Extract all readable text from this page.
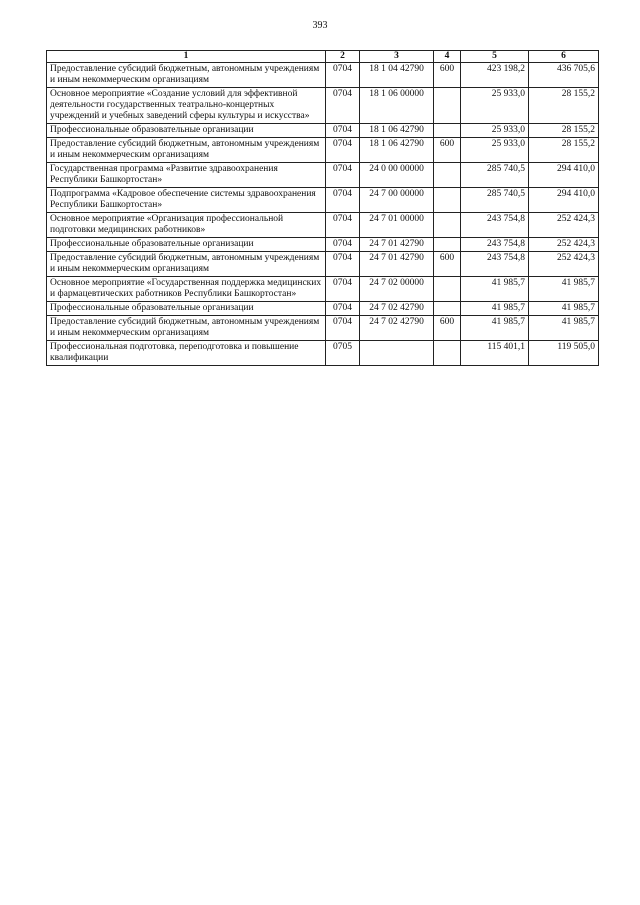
393
1	2	3	4	5	6
Предоставление субсидий бюджетным, автономным учреждениям и иным некоммерческим организациям	0704	18 1 04 42790	600	423 198,2	436 705,6
Основное мероприятие «Создание условий для эффективной деятельности государственных театрально-концертных учреждений и учебных заведений сферы культуры и искусства»	0704	18 1 06 00000		25 933,0	28 155,2
Профессиональные образовательные организации	0704	18 1 06 42790		25 933,0	28 155,2
Предоставление субсидий бюджетным, автономным учреждениям и иным некоммерческим организациям	0704	18 1 06 42790	600	25 933,0	28 155,2
Государственная программа «Развитие здравоохранения Республики Башкортостан»	0704	24 0 00 00000		285 740,5	294 410,0
Подпрограмма «Кадровое обеспечение системы здравоохранения Республики Башкортостан»	0704	24 7 00 00000		285 740,5	294 410,0
Основное мероприятие «Организация профессиональной подготовки медицинских работников»	0704	24 7 01 00000		243 754,8	252 424,3
Профессиональные образовательные организации	0704	24 7 01 42790		243 754,8	252 424,3
Предоставление субсидий бюджетным, автономным учреждениям и иным некоммерческим организациям	0704	24 7 01 42790	600	243 754,8	252 424,3
Основное мероприятие «Государственная поддержка медицинских и фармацевтических работников Республики Башкортостан»	0704	24 7 02 00000		41 985,7	41 985,7
Профессиональные образовательные организации	0704	24 7 02 42790		41 985,7	41 985,7
Предоставление субсидий бюджетным, автономным учреждениям и иным некоммерческим организациям	0704	24 7 02 42790	600	41 985,7	41 985,7
Профессиональная подготовка, переподготовка и повышение квалификации	0705			115 401,1	119 505,0
